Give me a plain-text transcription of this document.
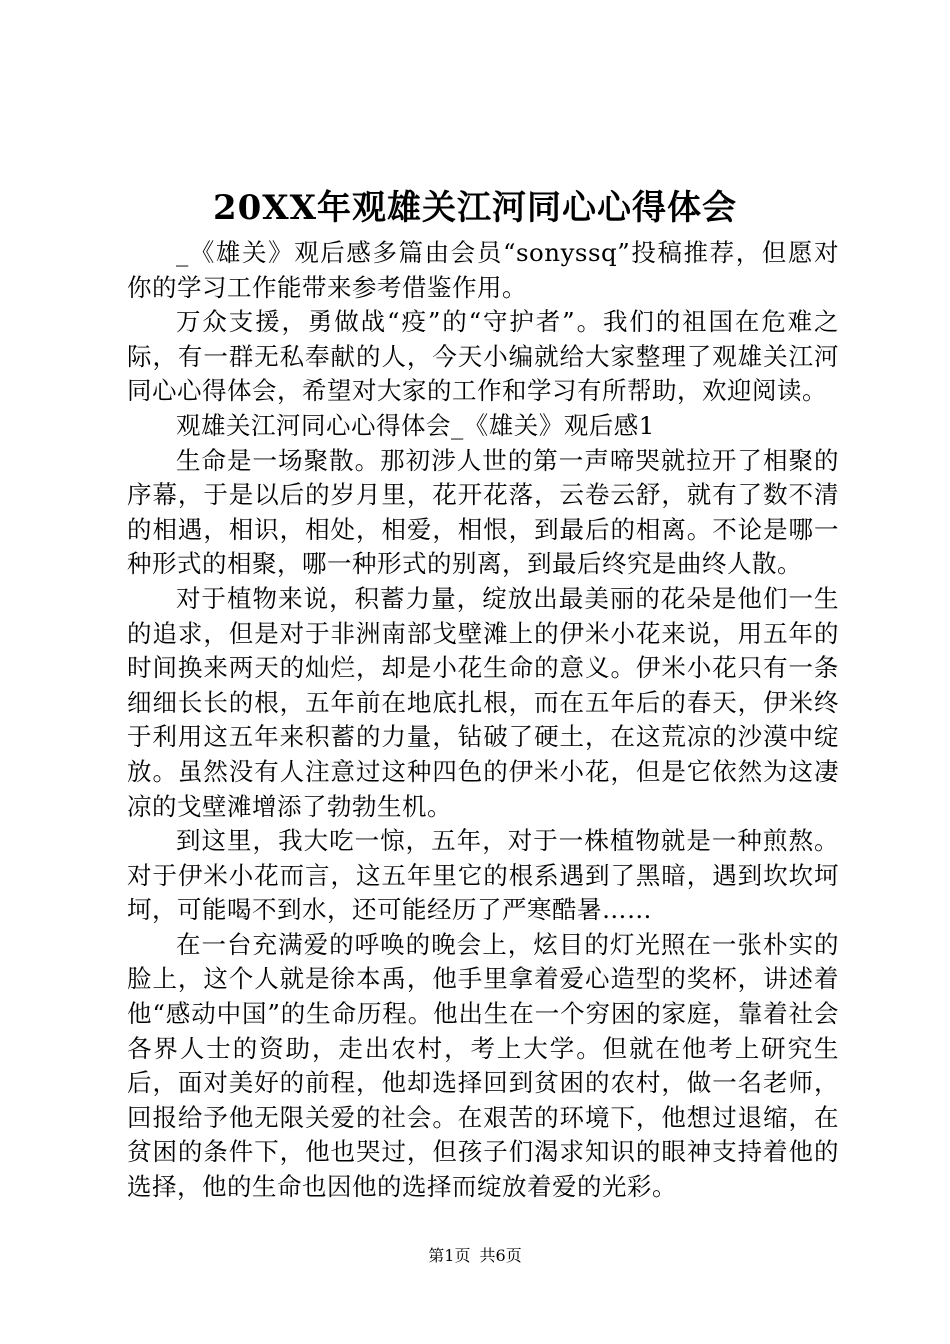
20XX年观雄关江河同心心得体会

_《雄关》观后感多篇由会员“sonyssq”投稿推荐，但愿对你的学习工作能带来参考借鉴作用。

万众支援，勇做战“疫”的“守护者”。我们的祖国在危难之际，有一群无私奉献的人，今天小编就给大家整理了观雄关江河同心心得体会，希望对大家的工作和学习有所帮助，欢迎阅读。

观雄关江河同心心得体会_《雄关》观后感1

生命是一场聚散。那初涉人世的第一声啼哭就拉开了相聚的序幕，于是以后的岁月里，花开花落，云卷云舒，就有了数不清的相遇，相识，相处，相爱，相恨，到最后的相离。不论是哪一种形式的相聚，哪一种形式的别离，到最后终究是曲终人散。

对于植物来说，积蓄力量，绽放出最美丽的花朵是他们一生的追求，但是对于非洲南部戈壁滩上的伊米小花来说，用五年的时间换来两天的灿烂，却是小花生命的意义。伊米小花只有一条细细长长的根，五年前在地底扎根，而在五年后的春天，伊米终于利用这五年来积蓄的力量，钻破了硬土，在这荒凉的沙漠中绽放。虽然没有人注意过这种四色的伊米小花，但是它依然为这凄凉的戈壁滩增添了勃勃生机。

到这里，我大吃一惊，五年，对于一株植物就是一种煎熬。对于伊米小花而言，这五年里它的根系遇到了黑暗，遇到坎坎坷坷，可能喝不到水，还可能经历了严寒酷暑……

在一台充满爱的呼唤的晚会上，炫目的灯光照在一张朴实的脸上，这个人就是徐本禹，他手里拿着爱心造型的奖杯，讲述着他“感动中国”的生命历程。他出生在一个穷困的家庭，靠着社会各界人士的资助，走出农村，考上大学。但就在他考上研究生后，面对美好的前程，他却选择回到贫困的农村，做一名老师，回报给予他无限关爱的社会。在艰苦的环境下，他想过退缩，在贫困的条件下，他也哭过，但孩子们渴求知识的眼神支持着他的选择，他的生命也因他的选择而绽放着爱的光彩。

第1页 共6页
